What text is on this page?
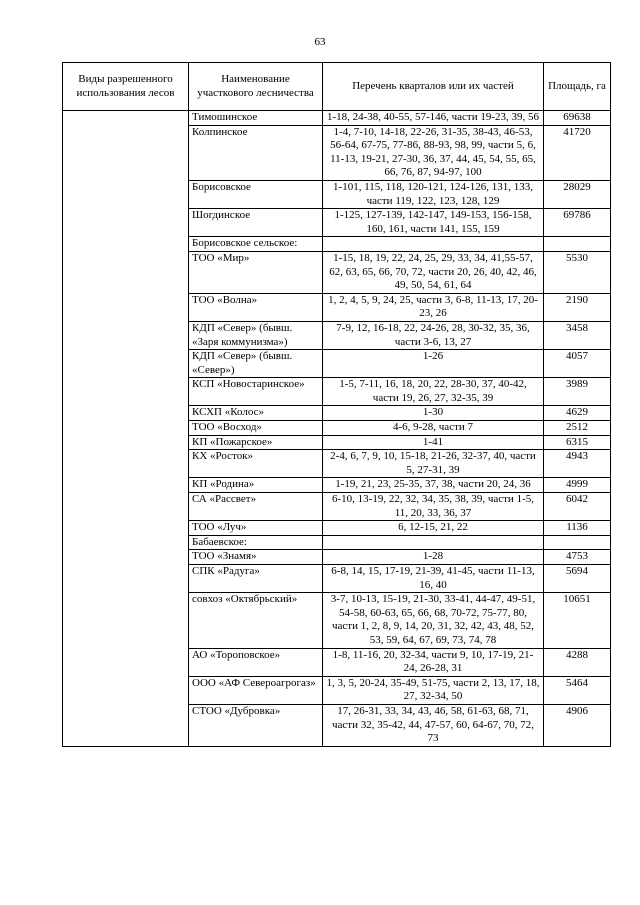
63
Виды разрешенного использования лесов	Наименование участкового лесничества	Перечень кварталов или их частей	Площадь, га
	Тимошинское	1-18, 24-38, 40-55, 57-146, части 19-23, 39, 56	69638
	Колпинское	1-4, 7-10, 14-18, 22-26, 31-35, 38-43, 46-53, 56-64, 67-75, 77-86, 88-93, 98, 99, части 5, 6, 11-13, 19-21, 27-30, 36, 37, 44, 45, 54, 55, 65, 66, 76, 87, 94-97, 100	41720
	Борисовское	1-101, 115, 118, 120-121, 124-126, 131, 133, части 119, 122, 123, 128, 129	28029
	Шогдинское	1-125, 127-139, 142-147, 149-153, 156-158, 160, 161, части 141, 155, 159	69786
	Борисовское сельское:		
	ТОО «Мир»	1-15, 18, 19, 22, 24, 25, 29, 33, 34, 41,55-57, 62, 63, 65, 66, 70, 72, части 20, 26, 40, 42, 46, 49, 50, 54, 61, 64	5530
	ТОО «Волна»	1, 2, 4, 5, 9, 24, 25, части 3, 6-8, 11-13, 17, 20-23, 26	2190
	КДП «Север» (бывш. «Заря коммунизма»)	7-9, 12, 16-18, 22, 24-26, 28, 30-32, 35, 36, части 3-6, 13, 27	3458
	КДП «Север» (бывш. «Север»)	1-26	4057
	КСП «Новостаринское»	1-5, 7-11, 16, 18, 20, 22, 28-30, 37, 40-42, части 19, 26, 27, 32-35, 39	3989
	КСХП «Колос»	1-30	4629
	ТОО «Восход»	4-6, 9-28, части 7	2512
	КП «Пожарское»	1-41	6315
	КХ «Росток»	2-4, 6, 7, 9, 10, 15-18, 21-26, 32-37, 40, части 5, 27-31, 39	4943
	КП «Родина»	1-19, 21, 23, 25-35, 37, 38, части 20, 24, 36	4999
	СА «Рассвет»	6-10, 13-19, 22, 32, 34, 35, 38, 39, части 1-5, 11, 20, 33, 36, 37	6042
	ТОО «Луч»	6, 12-15, 21, 22	1136
	Бабаевское:		
	ТОО «Знамя»	1-28	4753
	СПК «Радуга»	6-8, 14, 15, 17-19, 21-39, 41-45, части 11-13, 16, 40	5694
	совхоз «Октябрьский»	3-7, 10-13, 15-19, 21-30, 33-41, 44-47, 49-51, 54-58, 60-63, 65, 66, 68, 70-72, 75-77, 80, части 1, 2, 8, 9, 14, 20, 31, 32, 42, 43, 48, 52, 53, 59, 64, 67, 69, 73, 74, 78	10651
	АО «Тороповское»	1-8, 11-16, 20, 32-34, части 9, 10, 17-19, 21-24, 26-28, 31	4288
	ООО «АФ Североагрогаз»	1, 3, 5, 20-24, 35-49, 51-75, части 2, 13, 17, 18, 27, 32-34, 50	5464
	СТОО «Дубровка»	17, 26-31, 33, 34, 43, 46, 58, 61-63, 68, 71, части 32, 35-42, 44, 47-57, 60, 64-67, 70, 72, 73	4906
